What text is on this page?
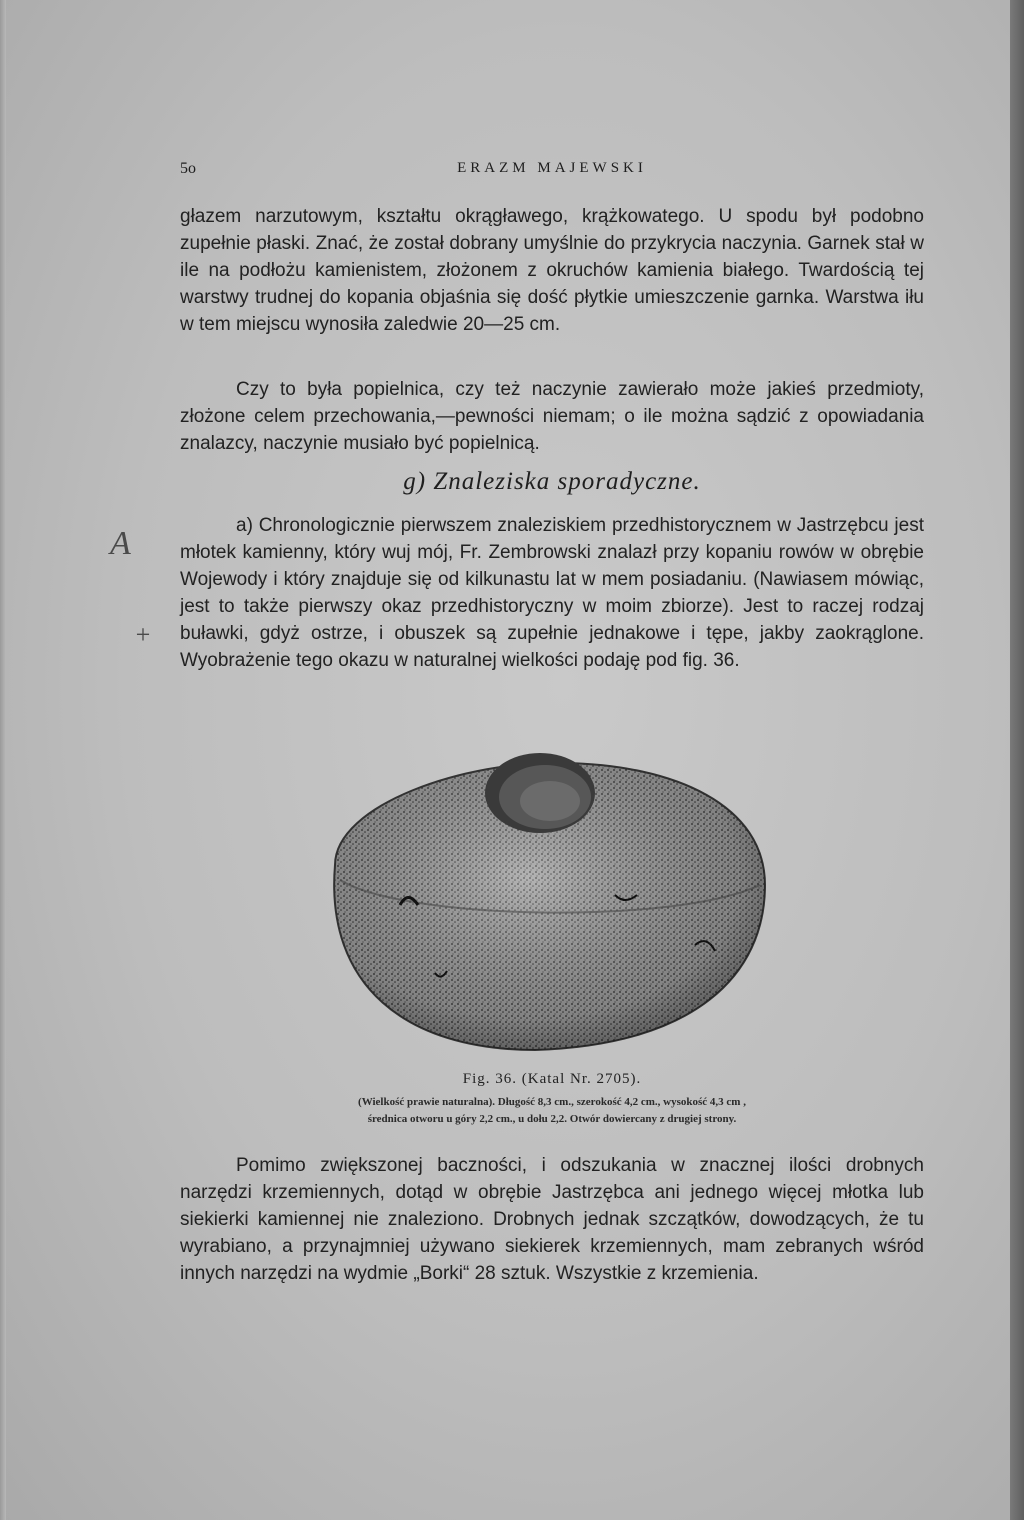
5o	ERAZM MAJEWSKI

głazem narzutowym, kształtu okrągławego, krążkowatego. U spodu był podobno zupełnie płaski. Znać, że został dobrany umyślnie do przykrycia naczynia. Garnek stał w ile na podłożu kamienistem, złożonem z okruchów kamienia białego. Twardością tej warstwy trudnej do kopania objaśnia się dość płytkie umieszczenie garnka. Warstwa iłu w tem miejscu wynosiła zaledwie 20—25 cm.

Czy to była popielnica, czy też naczynie zawierało może jakieś przedmioty, złożone celem przechowania,—pewności niemam; o ile można sądzić z opowiadania znalazcy, naczynie musiało być popielnicą.

g) Znaleziska sporadyczne.

a) Chronologicznie pierwszem znaleziskiem przedhistorycznem w Jastrzębcu jest młotek kamienny, który wuj mój, Fr. Zembrowski znalazł przy kopaniu rowów w obrębie Wojewody i który znajduje się od kilkunastu lat w mem posiadaniu. (Nawiasem mówiąc, jest to także pierwszy okaz przedhistoryczny w moim zbiorze). Jest to raczej rodzaj buławki, gdyż ostrze, i obuszek są zupełnie jednakowe i tępe, jakby zaokrąglone. Wyobrażenie tego okazu w naturalnej wielkości podaję pod fig. 36.

A
+
Fig. 36. (Katal Nr. 2705).
(Wielkość prawie naturalna). Długość 8,3 cm., szerokość 4,2 cm., wysokość 4,3 cm ,
średnica otworu u góry 2,2 cm., u dołu 2,2. Otwór dowiercany z drugiej strony.

Pomimo zwiększonej baczności, i odszukania w znacznej ilości drobnych narzędzi krzemiennych, dotąd w obrębie Jastrzębca ani jednego więcej młotka lub siekierki kamiennej nie znaleziono. Drobnych jednak szczątków, dowodzących, że tu wyrabiano, a przynajmniej używano siekierek krzemiennych, mam zebranych wśród innych narzędzi na wydmie „Borki“ 28 sztuk. Wszystkie z krzemienia.
